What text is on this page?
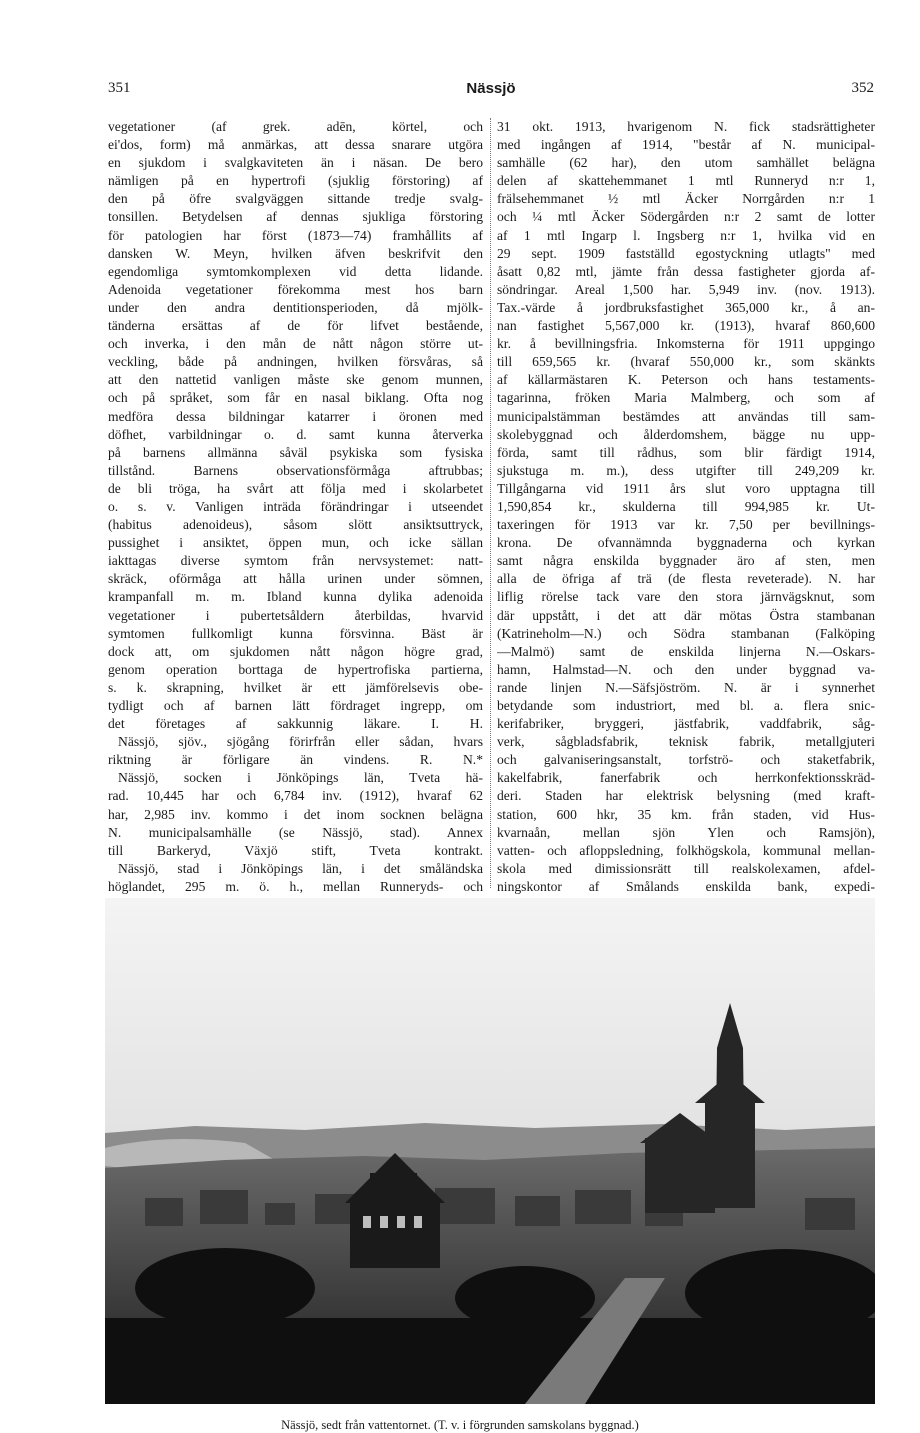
351	Nässjö	352
vegetationer (af grek. adēn, körtel, och
ei'dos, form) må anmärkas, att dessa snarare utgöra
en sjukdom i svalgkaviteten än i näsan. De bero
nämligen på en hypertrofi (sjuklig förstoring) af
den på öfre svalgväggen sittande tredje svalg-
tonsillen. Betydelsen af dennas sjukliga förstoring
för patologien har först (1873—74) framhållits af
dansken W. Meyn, hvilken äfven beskrifvit den
egendomliga symtomkomplexen vid detta lidande.
Adenoida vegetationer förekomma mest hos barn
under den andra dentitionsperioden, då mjölk-
tänderna ersättas af de för lifvet bestående,
och inverka, i den mån de nått någon större ut-
veckling, både på andningen, hvilken försvåras, så
att den nattetid vanligen måste ske genom munnen,
och på språket, som får en nasal biklang. Ofta nog
medföra dessa bildningar katarrer i öronen med
döfhet, varbildningar o. d. samt kunna återverka
på barnens allmänna såväl psykiska som fysiska
tillstånd. Barnens observationsförmåga aftrubbas;
de bli tröga, ha svårt att följa med i skolarbetet
o. s. v. Vanligen inträda förändringar i utseendet
(habitus adenoideus), såsom slött ansiktsuttryck,
pussighet i ansiktet, öppen mun, och icke sällan
iakttagas diverse symtom från nervsystemet: natt-
skräck, oförmåga att hålla urinen under sömnen,
krampanfall m. m. Ibland kunna dylika adenoida
vegetationer i pubertetsåldern återbildas, hvarvid
symtomen fullkomligt kunna försvinna. Bäst är
dock att, om sjukdomen nått någon högre grad,
genom operation borttaga de hypertrofiska partierna,
s. k. skrapning, hvilket är ett jämförelsevis obe-
tydligt och af barnen lätt fördraget ingrepp, om
det företages af sakkunnig läkare. I. H.
Nässjö, sjöv., sjögång förirfrån eller sådan, hvars
riktning är förligare än vindens. R. N.*
Nässjö, socken i Jönköpings län, Tveta hä-
rad. 10,445 har och 6,784 inv. (1912), hvaraf 62
har, 2,985 inv. kommo i det inom socknen belägna
N. municipalsamhälle (se Nässjö, stad). Annex
till Barkeryd, Växjö stift, Tveta kontrakt.
Nässjö, stad i Jönköpings län, i det småländska
höglandet, 295 m. ö. h., mellan Runneryds- och
31 okt. 1913, hvarigenom N. fick stadsrättigheter
med ingången af 1914, "består af N. municipal-
samhälle (62 har), den utom samhället belägna
delen af skattehemmanet 1 mtl Runneryd n:r 1,
frälsehemmanet ½ mtl Äcker Norrgården n:r 1
och ¼ mtl Äcker Södergården n:r 2 samt de lotter
af 1 mtl Ingarp l. Ingsberg n:r 1, hvilka vid en
29 sept. 1909 fastställd egostyckning utlagts" med
åsatt 0,82 mtl, jämte från dessa fastigheter gjorda af-
söndringar. Areal 1,500 har. 5,949 inv. (nov. 1913).
Tax.-värde å jordbruksfastighet 365,000 kr., å an-
nan fastighet 5,567,000 kr. (1913), hvaraf 860,600
kr. å bevillningsfria. Inkomsterna för 1911 uppgingo
till 659,565 kr. (hvaraf 550,000 kr., som skänkts
af källarmästaren K. Peterson och hans testaments-
tagarinna, fröken Maria Malmberg, och som af
municipalstämman bestämdes att användas till sam-
skolebyggnad och ålderdomshem, bägge nu upp-
förda, samt till rådhus, som blir färdigt 1914,
sjukstuga m. m.), dess utgifter till 249,209 kr.
Tillgångarna vid 1911 års slut voro upptagna till
1,590,854 kr., skulderna till 994,985 kr. Ut-
taxeringen för 1913 var kr. 7,50 per bevillnings-
krona. De ofvannämnda byggnaderna och kyrkan
samt några enskilda byggnader äro af sten, men
alla de öfriga af trä (de flesta reveterade). N. har
liflig rörelse tack vare den stora järnvägsknut, som
där uppstått, i det att där mötas Östra stambanan
(Katrineholm—N.) och Södra stambanan (Falköping
—Malmö) samt de enskilda linjerna N.—Oskars-
hamn, Halmstad—N. och den under byggnad va-
rande linjen N.—Säfsjöström. N. är i synnerhet
betydande som industriort, med bl. a. flera snic-
kerifabriker, bryggeri, jästfabrik, vaddfabrik, såg-
verk, sågbladsfabrik, teknisk fabrik, metallgjuteri
och galvaniseringsanstalt, torfströ- och staketfabrik,
kakelfabrik, fanerfabrik och herrkonfektionsskräd-
deri. Staden har elektrisk belysning (med kraft-
station, 600 hkr, 35 km. från staden, vid Hus-
kvarnaån, mellan sjön Ylen och Ramsjön),
vatten- och afloppsledning, folkhögskola, kommunal mellan-
skola med dimissionsrätt till realskolexamen, afdel-
ningskontor af Smålands enskilda bank, expedi-
Nässjö, sedt från vattentornet. (T. v. i förgrunden samskolans byggnad.)
